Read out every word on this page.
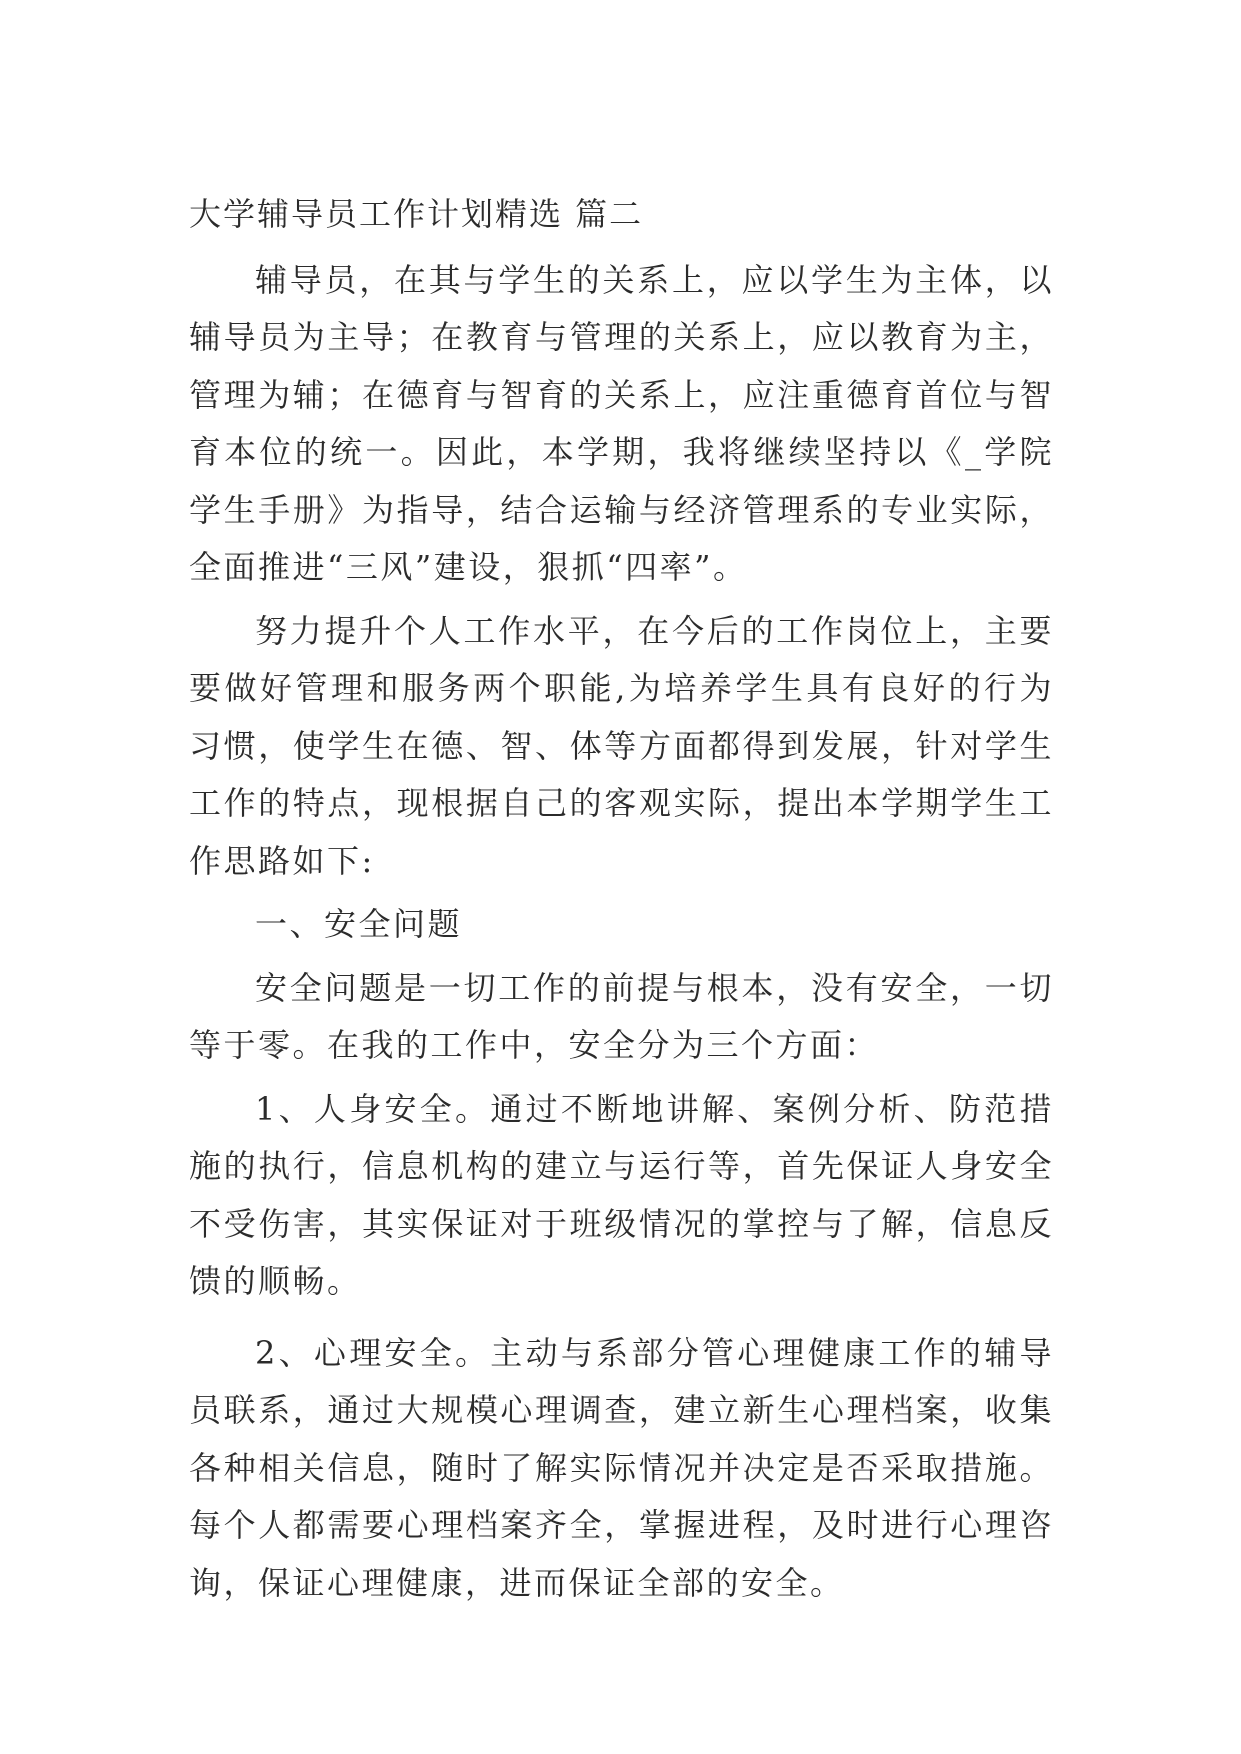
大学辅导员工作计划精选 篇二

辅导员，在其与学生的关系上，应以学生为主体，以辅导员为主导；在教育与管理的关系上，应以教育为主，管理为辅；在德育与智育的关系上，应注重德育首位与智育本位的统一。因此，本学期，我将继续坚持以《_学院学生手册》为指导，结合运输与经济管理系的专业实际，全面推进“三风”建设，狠抓“四率”。

努力提升个人工作水平，在今后的工作岗位上，主要要做好管理和服务两个职能,为培养学生具有良好的行为习惯，使学生在德、智、体等方面都得到发展，针对学生工作的特点，现根据自己的客观实际，提出本学期学生工作思路如下:

一、安全问题

安全问题是一切工作的前提与根本，没有安全，一切等于零。在我的工作中，安全分为三个方面：

1、人身安全。通过不断地讲解、案例分析、防范措施的执行，信息机构的建立与运行等，首先保证人身安全不受伤害，其实保证对于班级情况的掌控与了解，信息反馈的顺畅。

2、心理安全。主动与系部分管心理健康工作的辅导员联系，通过大规模心理调查，建立新生心理档案，收集各种相关信息，随时了解实际情况并决定是否采取措施。每个人都需要心理档案齐全，掌握进程，及时进行心理咨询，保证心理健康，进而保证全部的安全。
